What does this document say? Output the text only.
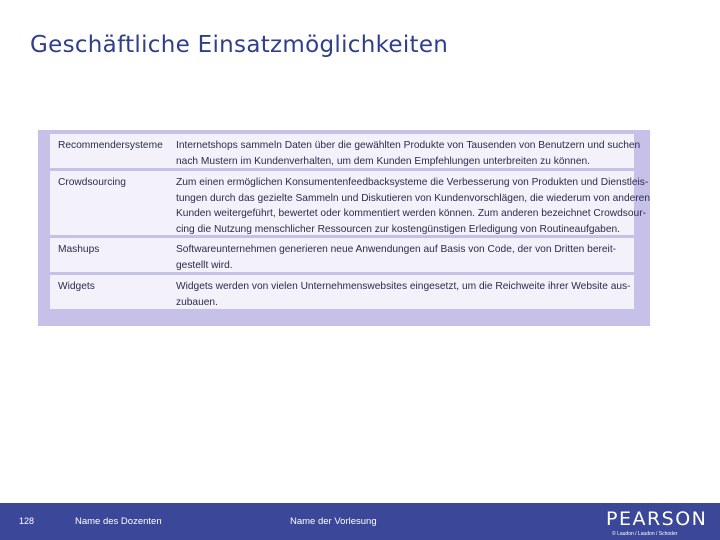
Geschäftliche Einsatzmöglichkeiten
Recommendersysteme	Internetshops sammeln Daten über die gewählten Produkte von Tausenden von Benutzern und suchen
nach Mustern im Kundenverhalten, um dem Kunden Empfehlungen unterbreiten zu können.
Crowdsourcing	Zum einen ermöglichen Konsumentenfeedbacksysteme die Verbesserung von Produkten und Dienstleis-
tungen durch das gezielte Sammeln und Diskutieren von Kundenvorschlägen, die wiederum von anderen
Kunden weitergeführt, bewertet oder kommentiert werden können. Zum anderen bezeichnet Crowdsour-
cing die Nutzung menschlicher Ressourcen zur kostengünstigen Erledigung von Routineaufgaben.
Mashups	Softwareunternehmen generieren neue Anwendungen auf Basis von Code, der von Dritten bereit-
gestellt wird.
Widgets	Widgets werden von vielen Unternehmenswebsites eingesetzt, um die Reichweite ihrer Website aus-
zubauen.
128	Name des Dozenten	Name der Vorlesung	PEARSON
© Laudon / Laudon / Schoder
